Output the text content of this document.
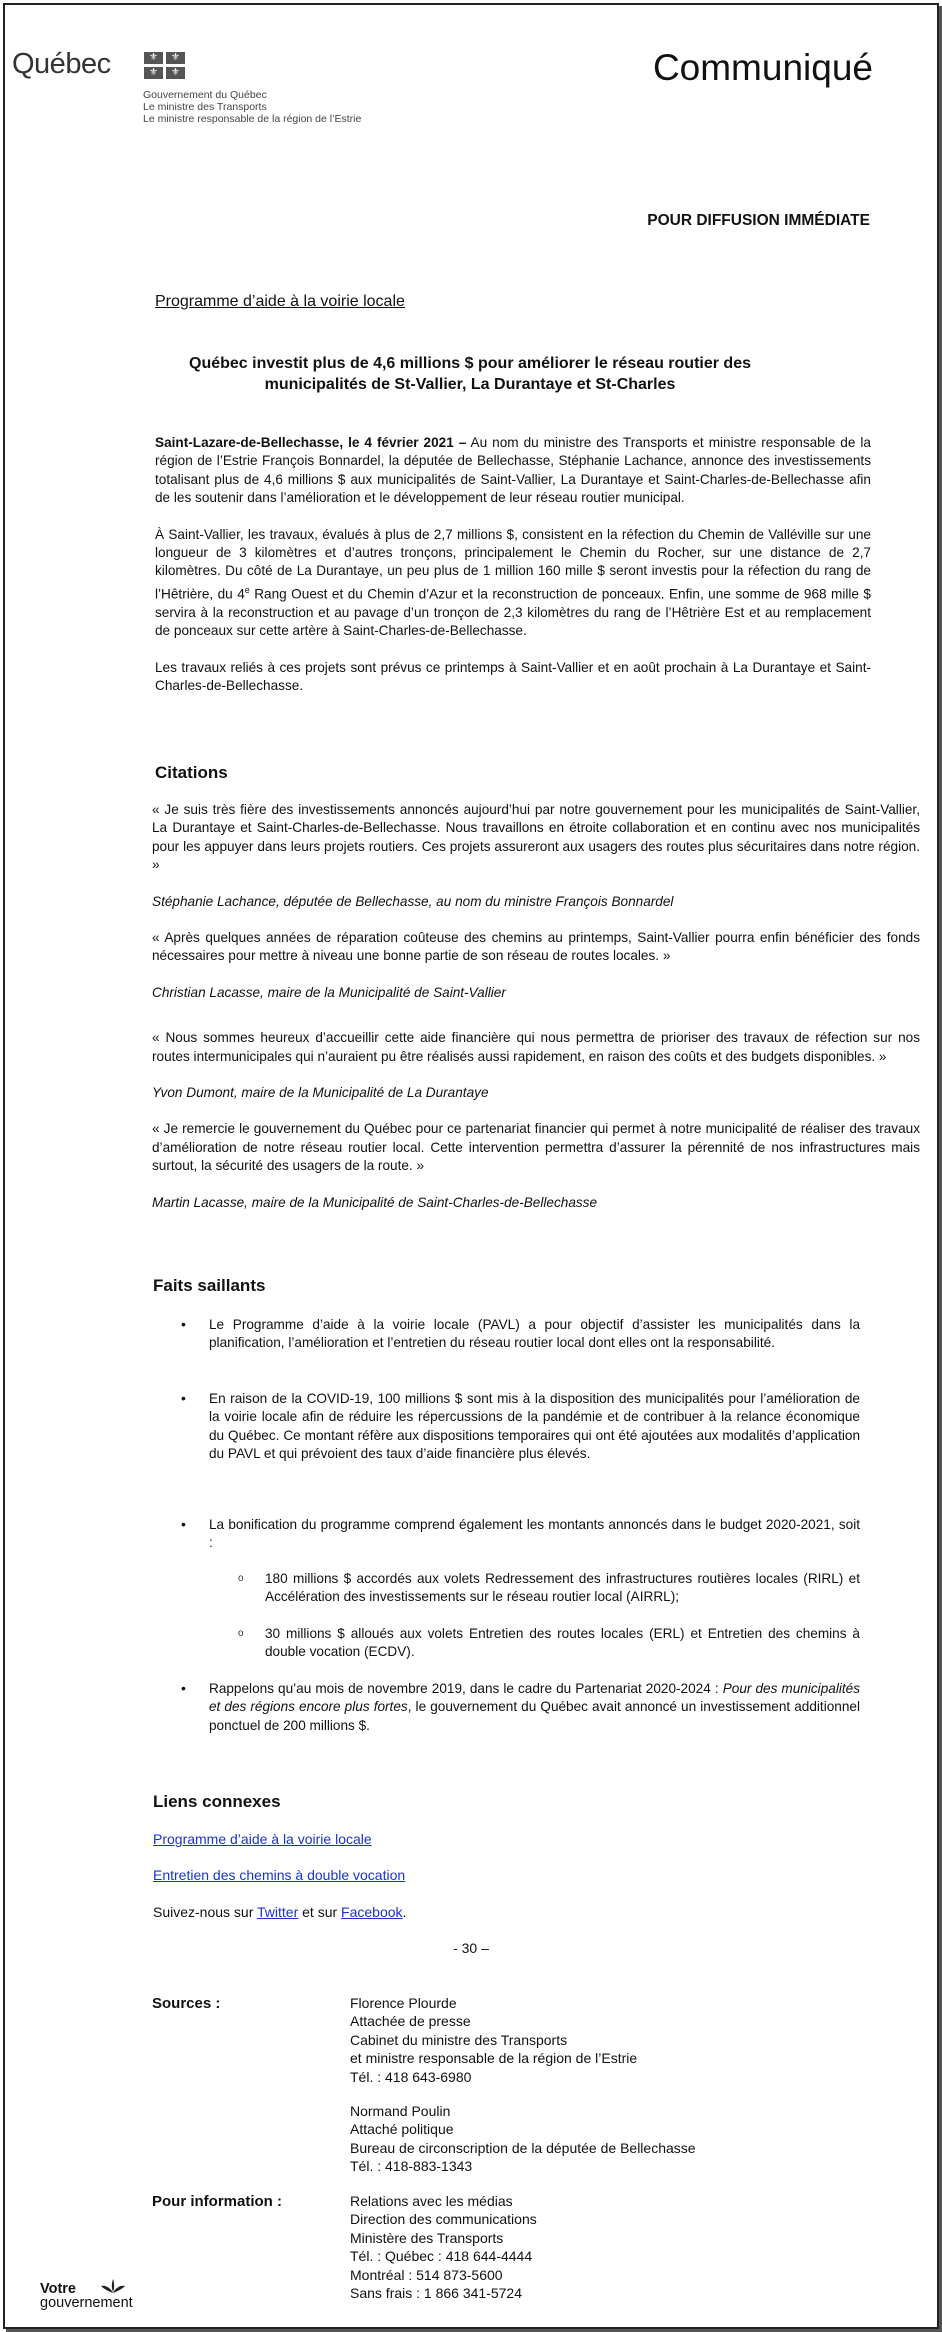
Québec	⚜	⚜
⚜	⚜
Gouvernement du Québec
Le ministre des Transports
Le ministre responsable de la région de l’Estrie
Communiqué
POUR DIFFUSION IMMÉDIATE
Programme d’aide à la voirie locale
Québec investit plus de 4,6 millions $ pour améliorer le réseau routier des
municipalités de St-Vallier, La Durantaye et St-Charles

Saint-Lazare-de-Bellechasse, le 4 février 2021 – Au nom du ministre des Transports et ministre responsable de la région de l’Estrie François Bonnardel, la députée de Bellechasse, Stéphanie Lachance, annonce des investissements totalisant plus de 4,6 millions $ aux municipalités de Saint-Vallier, La Durantaye et Saint-Charles-de-Bellechasse afin de les soutenir dans l’amélioration et le développement de leur réseau routier municipal.

À Saint-Vallier, les travaux, évalués à plus de 2,7 millions $, consistent en la réfection du Chemin de Valléville sur une longueur de 3 kilomètres et d’autres tronçons, principalement le Chemin du Rocher, sur une distance de 2,7 kilomètres. Du côté de La Durantaye, un peu plus de 1 million 160 mille $ seront investis pour la réfection du rang de l’Hêtrière, du 4e Rang Ouest et du Chemin d’Azur et la reconstruction de ponceaux. Enfin, une somme de 968 mille $ servira à la reconstruction et au pavage d’un tronçon de 2,3 kilomètres du rang de l’Hêtrière Est et au remplacement de ponceaux sur cette artère à Saint-Charles-de-Bellechasse.

Les travaux reliés à ces projets sont prévus ce printemps à Saint-Vallier et en août prochain à La Durantaye et Saint-Charles-de-Bellechasse.

Citations

« Je suis très fière des investissements annoncés aujourd’hui par notre gouvernement pour les municipalités de Saint-Vallier, La Durantaye et Saint-Charles-de-Bellechasse. Nous travaillons en étroite collaboration et en continu avec nos municipalités pour les appuyer dans leurs projets routiers. Ces projets assureront aux usagers des routes plus sécuritaires dans notre région. »

Stéphanie Lachance, députée de Bellechasse, au nom du ministre François Bonnardel

« Après quelques années de réparation coûteuse des chemins au printemps, Saint-Vallier pourra enfin bénéficier des fonds nécessaires pour mettre à niveau une bonne partie de son réseau de routes locales. »

Christian Lacasse, maire de la Municipalité de Saint-Vallier

« Nous sommes heureux d’accueillir cette aide financière qui nous permettra de prioriser des travaux de réfection sur nos routes intermunicipales qui n’auraient pu être réalisés aussi rapidement, en raison des coûts et des budgets disponibles. »

Yvon Dumont, maire de la Municipalité de La Durantaye

« Je remercie le gouvernement du Québec pour ce partenariat financier qui permet à notre municipalité de réaliser des travaux d’amélioration de notre réseau routier local. Cette intervention permettra d’assurer la pérennité de nos infrastructures mais surtout, la sécurité des usagers de la route. »

Martin Lacasse, maire de la Municipalité de Saint-Charles-de-Bellechasse

Faits saillants
• Le Programme d’aide à la voirie locale (PAVL) a pour objectif d’assister les municipalités dans la planification, l’amélioration et l’entretien du réseau routier local dont elles ont la responsabilité.

• En raison de la COVID-19, 100 millions $ sont mis à la disposition des municipalités pour l’amélioration de la voirie locale afin de réduire les répercussions de la pandémie et de contribuer à la relance économique du Québec. Ce montant réfère aux dispositions temporaires qui ont été ajoutées aux modalités d’application du PAVL et qui prévoient des taux d’aide financière plus élevés.

• La bonification du programme comprend également les montants annoncés dans le budget 2020-2021, soit :

o 180 millions $ accordés aux volets Redressement des infrastructures routières locales (RIRL) et Accélération des investissements sur le réseau routier local (AIRRL);

o 30 millions $ alloués aux volets Entretien des routes locales (ERL) et Entretien des chemins à double vocation (ECDV).

• Rappelons qu’au mois de novembre 2019, dans le cadre du Partenariat 2020-2024 : Pour des municipalités et des régions encore plus fortes, le gouvernement du Québec avait annoncé un investissement additionnel ponctuel de 200 millions $.

Liens connexes
Programme d’aide à la voirie locale
Entretien des chemins à double vocation
Suivez-nous sur Twitter et sur Facebook.
- 30 –
Sources :	Florence Plourde
Attachée de presse
Cabinet du ministre des Transports
et ministre responsable de la région de l’Estrie
Tél. : 418 643-6980
Normand Poulin
Attaché politique
Bureau de circonscription de la députée de Bellechasse
Tél. : 418-883-1343
Pour information :	Relations avec les médias
Direction des communications
Ministère des Transports
Tél. : Québec : 418 644-4444
Montréal : 514 873-5600
Sans frais : 1 866 341-5724
Votre
gouvernement
